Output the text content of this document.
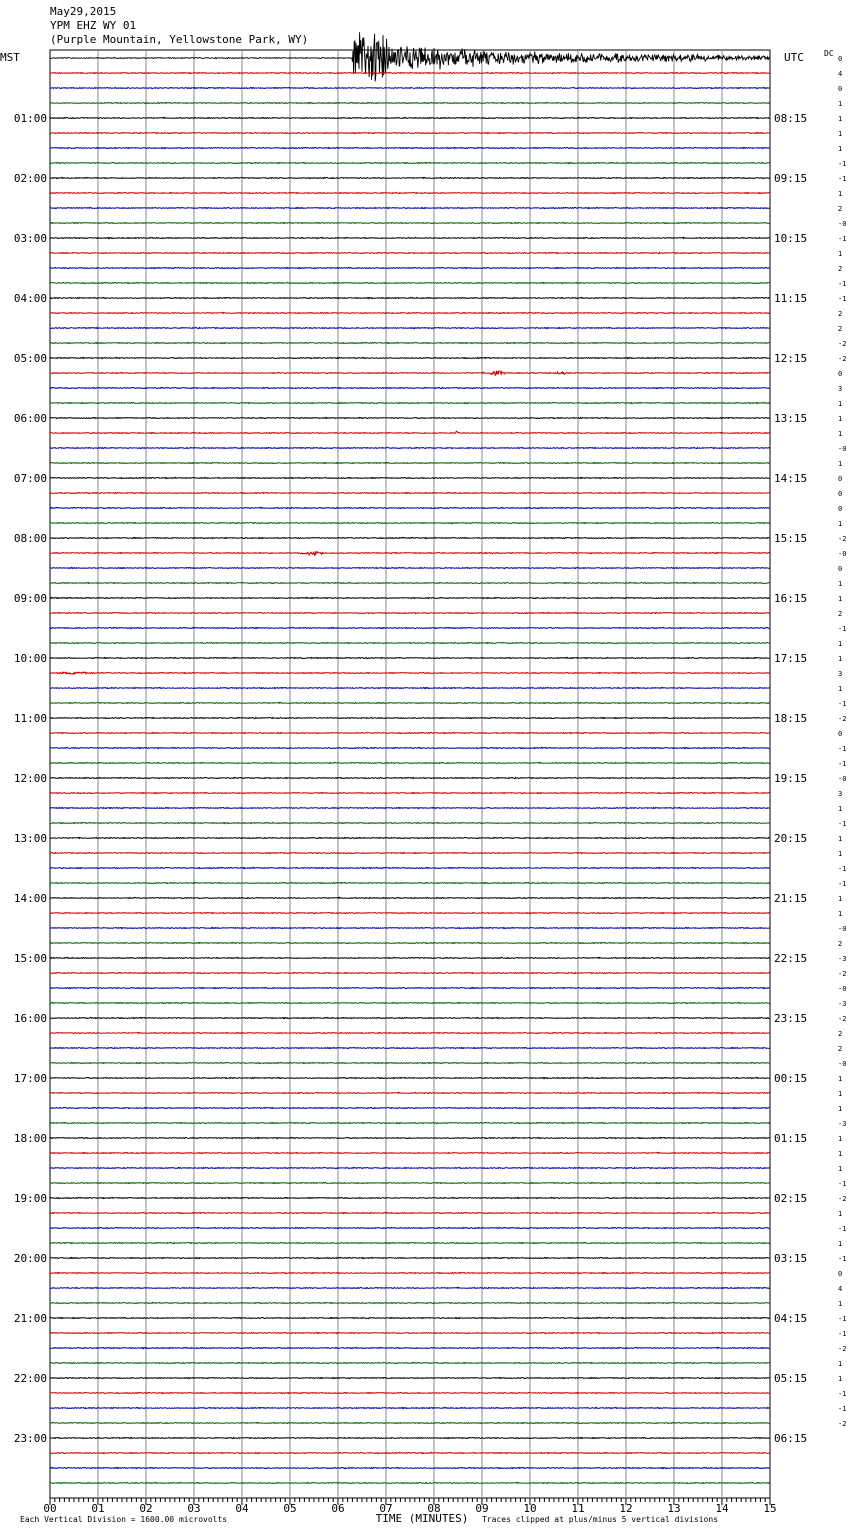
May29,2015
YPM EHZ WY 01
(Purple Mountain, Yellowstone Park, WY)
MST	UTC
01:00
02:00
03:00
04:00
05:00
06:00
07:00
08:00
09:00
10:00
11:00
12:00
13:00
14:00
15:00
16:00
17:00
18:00
19:00
20:00
21:00
22:00
23:00
08:15
09:15
10:15
11:15
12:15
13:15
14:15
15:15
16:15
17:15
18:15
19:15
20:15
21:15
22:15
23:15
00:15
01:15
02:15
03:15
04:15
05:15
06:15
DC
0
4
0
1
1
1
1
-1
-1
1
2
-0
-1
1
2
-1
-1
2
2
-2
-2
0
3
1
1
1
-0
1
0
0
0
1
-2
-0
0
1
1
2
-1
1
1
3
1
-1
-2
0
-1
-1
-0
3
1
-1
1
1
-1
-1
1
1
-0
2
-3
-2
-0
-3
-2
2
2
-0
1
1
1
-3
1
1
1
-1
-2
1
-1
1
-1
0
4
1
-1
-1
-2
1
1
-1
-1
-2
00	01	02	03	04	05	06	07	08	09	10	11	12	13	14	15
TIME (MINUTES)
Each Vertical Division = 1600.00 microvolts	Traces clipped at plus/minus 5 vertical divisions
